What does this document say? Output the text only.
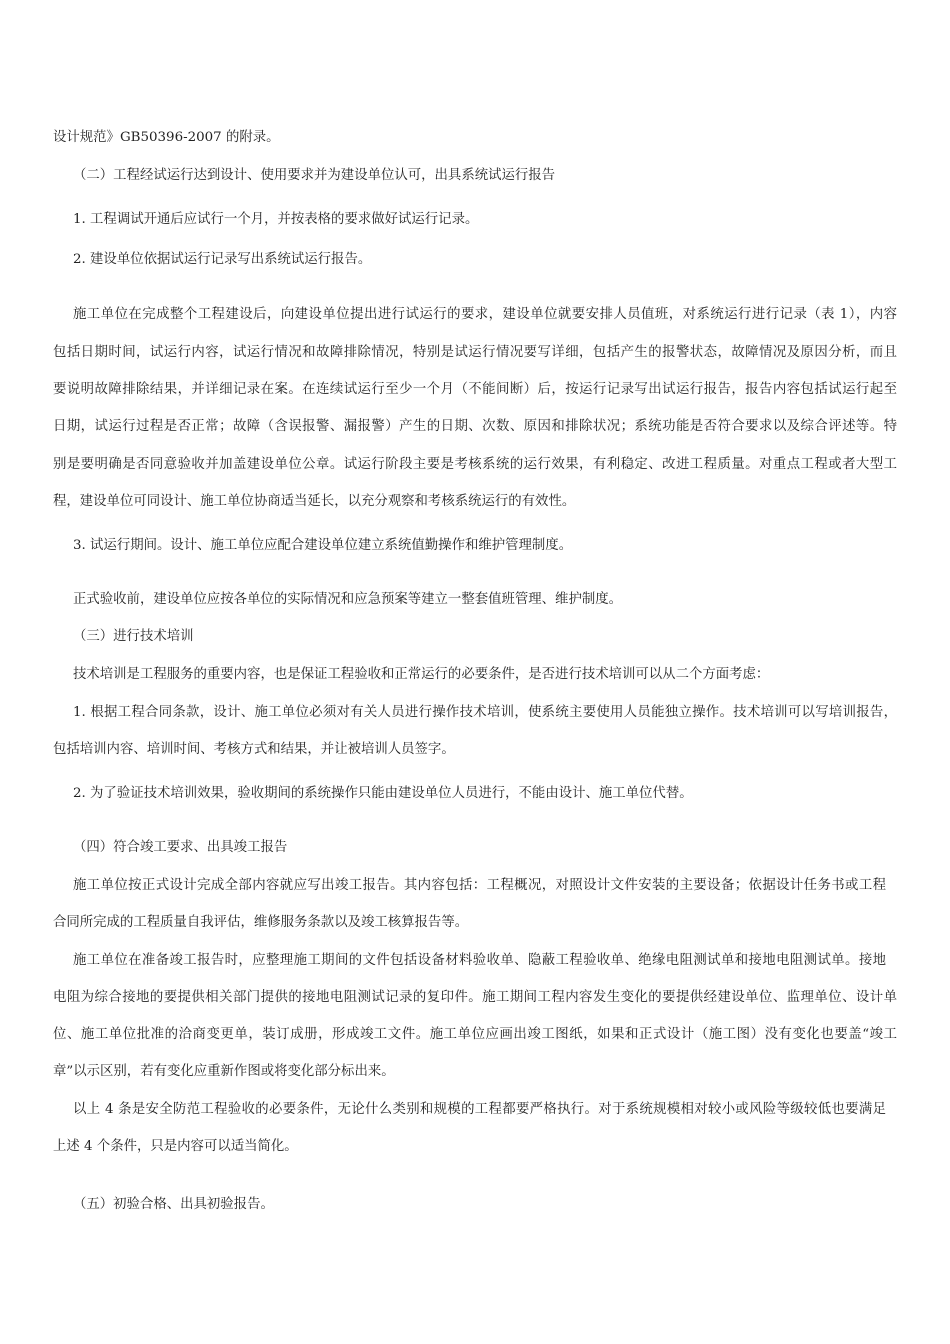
设计规范》GB50396-2007 的附录。

（二）工程经试运行达到设计、使用要求并为建设单位认可，出具系统试运行报告

1. 工程调试开通后应试行一个月，并按表格的要求做好试运行记录。

2. 建设单位依据试运行记录写出系统试运行报告。

施工单位在完成整个工程建设后，向建设单位提出进行试运行的要求，建设单位就要安排人员值班，对系统运行进行记录（表 1），内容

包括日期时间，试运行内容，试运行情况和故障排除情况，特别是试运行情况要写详细，包括产生的报警状态，故障情况及原因分析，而且

要说明故障排除结果，并详细记录在案。在连续试运行至少一个月（不能间断）后，按运行记录写出试运行报告，报告内容包括试运行起至

日期，试运行过程是否正常；故障（含误报警、漏报警）产生的日期、次数、原因和排除状况；系统功能是否符合要求以及综合评述等。特

别是要明确是否同意验收并加盖建设单位公章。试运行阶段主要是考核系统的运行效果，有利稳定、改进工程质量。对重点工程或者大型工

程，建设单位可同设计、施工单位协商适当延长，以充分观察和考核系统运行的有效性。

3. 试运行期间。设计、施工单位应配合建设单位建立系统值勤操作和维护管理制度。

正式验收前，建设单位应按各单位的实际情况和应急预案等建立一整套值班管理、维护制度。

（三）进行技术培训

技术培训是工程服务的重要内容，也是保证工程验收和正常运行的必要条件，是否进行技术培训可以从二个方面考虑：

1. 根据工程合同条款，设计、施工单位必须对有关人员进行操作技术培训，使系统主要使用人员能独立操作。技术培训可以写培训报告，

包括培训内容、培训时间、考核方式和结果，并让被培训人员签字。

2. 为了验证技术培训效果，验收期间的系统操作只能由建设单位人员进行，不能由设计、施工单位代替。

（四）符合竣工要求、出具竣工报告

施工单位按正式设计完成全部内容就应写出竣工报告。其内容包括：工程概况，对照设计文件安装的主要设备；依据设计任务书或工程

合同所完成的工程质量自我评估，维修服务条款以及竣工核算报告等。

施工单位在准备竣工报告时，应整理施工期间的文件包括设备材料验收单、隐蔽工程验收单、绝缘电阻测试单和接地电阻测试单。接地

电阻为综合接地的要提供相关部门提供的接地电阻测试记录的复印件。施工期间工程内容发生变化的要提供经建设单位、监理单位、设计单

位、施工单位批准的洽商变更单，装订成册，形成竣工文件。施工单位应画出竣工图纸，如果和正式设计（施工图）没有变化也要盖“竣工

章”以示区别，若有变化应重新作图或将变化部分标出来。

以上 4 条是安全防范工程验收的必要条件，无论什么类别和规模的工程都要严格执行。对于系统规模相对较小或风险等级较低也要满足

上述 4 个条件，只是内容可以适当简化。

（五）初验合格、出具初验报告。
